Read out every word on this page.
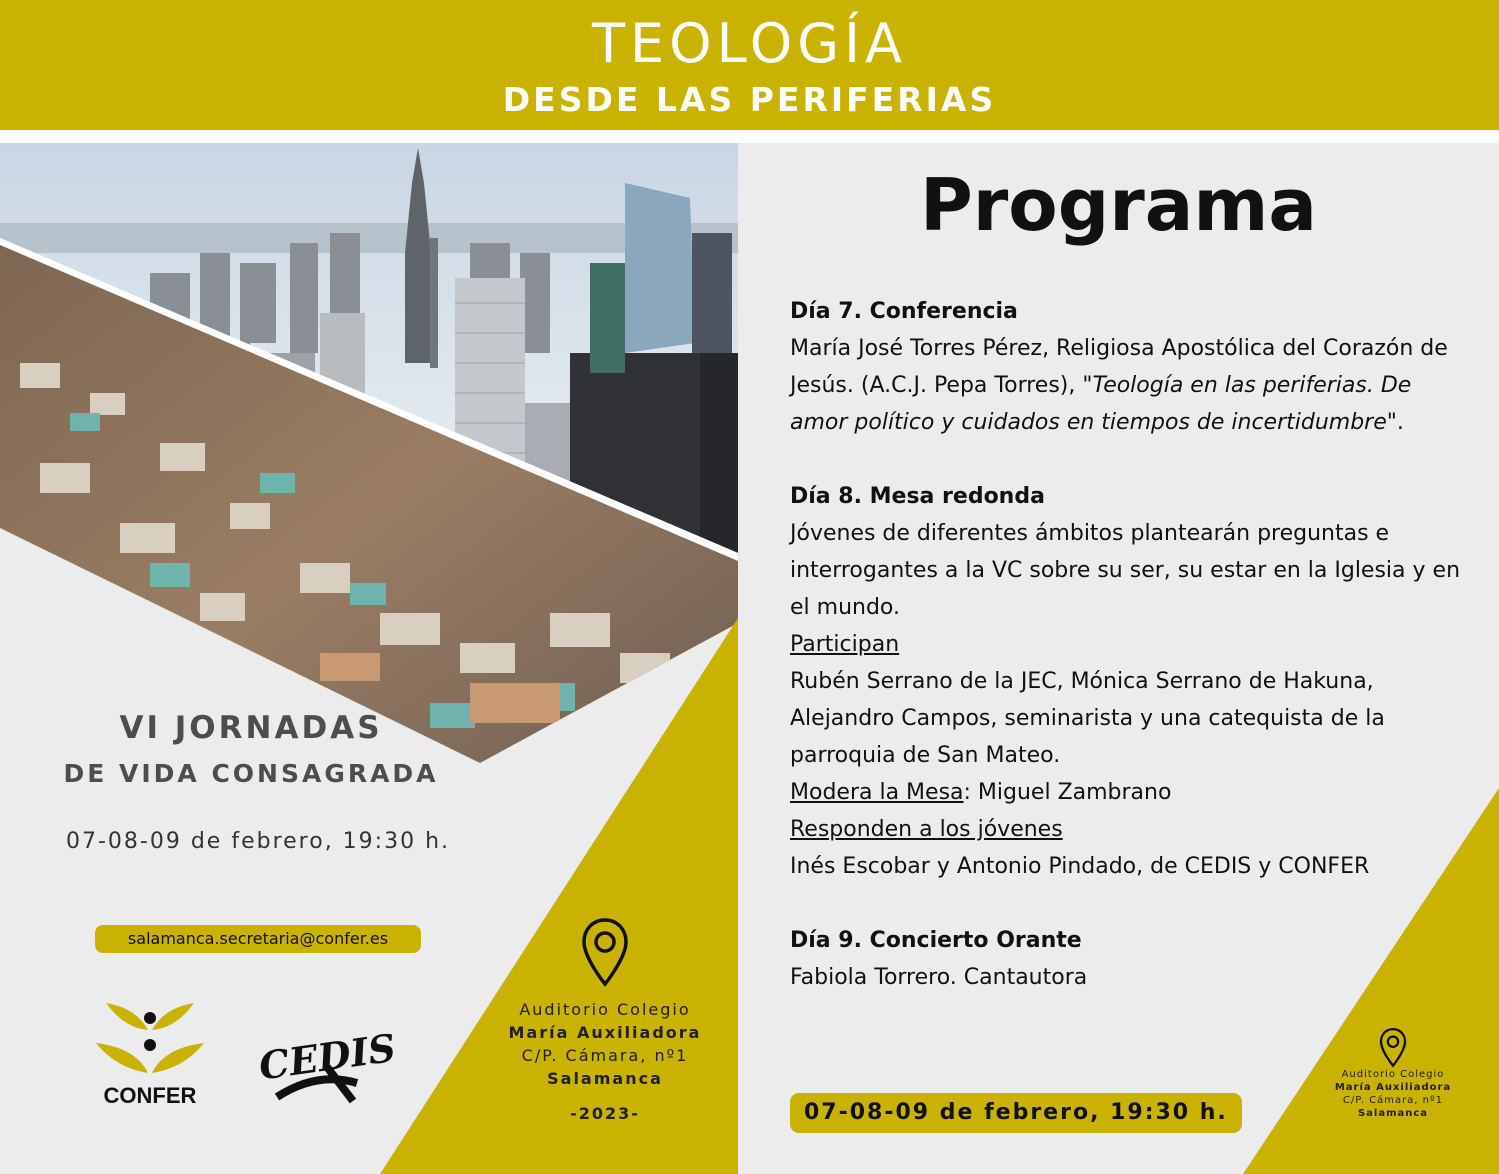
TEOLOGÍA
DESDE LAS PERIFERIAS
VI JORNADAS
DE VIDA CONSAGRADA
07-08-09 de febrero, 19:30 h.
salamanca.secretaria@confer.es
CONFER
CEDIS
Auditorio Colegio
María Auxiliadora
C/P. Cámara, nº1
Salamanca
-2023-
Programa
Día 7. Conferencia
María José Torres Pérez, Religiosa Apostólica del Corazón de Jesús. (A.C.J. Pepa Torres), "Teología en las periferias. De amor político y cuidados en tiempos de incertidumbre".
Día 8. Mesa redonda
Jóvenes de diferentes ámbitos plantearán preguntas e interrogantes a la VC sobre su ser, su estar en la Iglesia y en el mundo.
Participan
Rubén Serrano de la JEC, Mónica Serrano de Hakuna, Alejandro Campos, seminarista y una catequista de la parroquia de San Mateo.
Modera la Mesa: Miguel Zambrano
Responden a los jóvenes
Inés Escobar y Antonio Pindado, de CEDIS y CONFER
Día 9. Concierto Orante
Fabiola Torrero. Cantautora
07-08-09 de febrero, 19:30 h.
Auditorio Colegio
María Auxiliadora
C/P. Cámara, nº1
Salamanca
